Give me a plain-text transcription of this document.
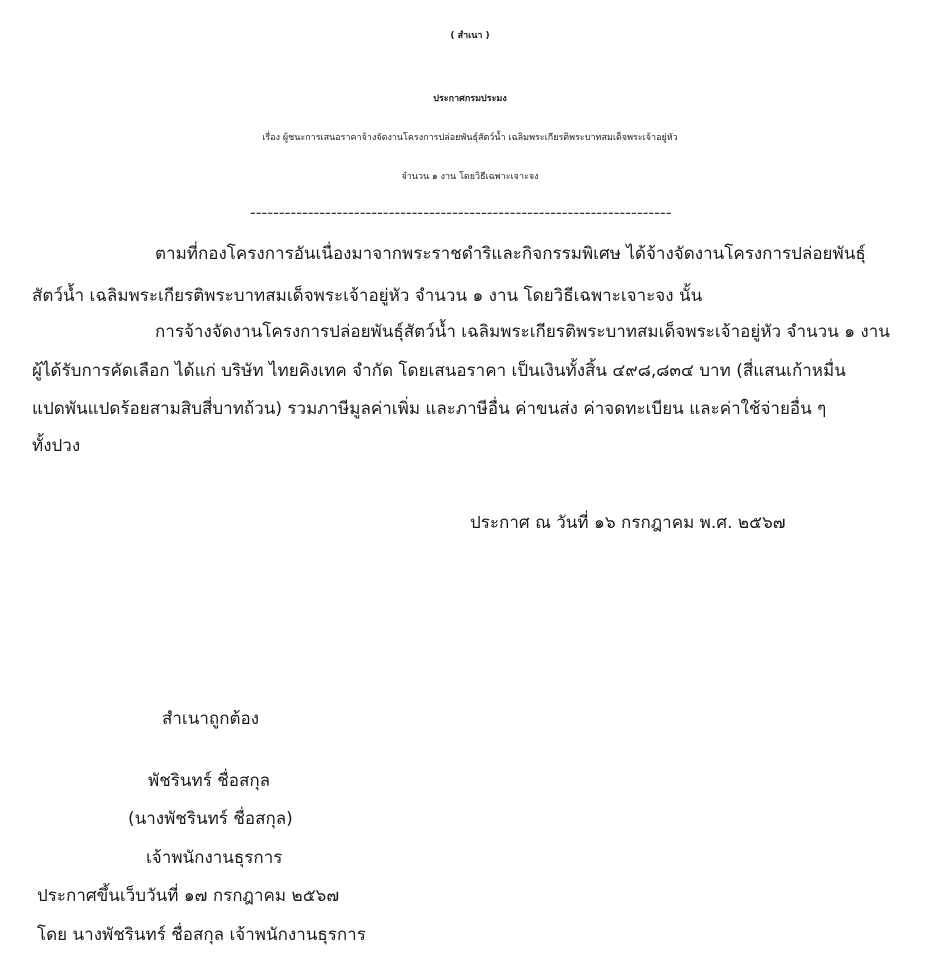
( สำเนา )
ประกาศกรมประมง
เรื่อง ผู้ชนะการเสนอราคาจ้างจัดงานโครงการปล่อยพันธุ์สัตว์น้ำ เฉลิมพระเกียรติพระบาทสมเด็จพระเจ้าอยู่หัว
จำนวน ๑ งาน โดยวิธีเฉพาะเจาะจง
-------------------------------------------------------------------------
ตามที่กองโครงการอันเนื่องมาจากพระราชดำริและกิจกรรมพิเศษ ได้จ้างจัดงานโครงการปล่อยพันธุ์
สัตว์น้ำ เฉลิมพระเกียรติพระบาทสมเด็จพระเจ้าอยู่หัว จำนวน ๑ งาน โดยวิธีเฉพาะเจาะจง นั้น
การจ้างจัดงานโครงการปล่อยพันธุ์สัตว์น้ำ เฉลิมพระเกียรติพระบาทสมเด็จพระเจ้าอยู่หัว จำนวน ๑ งาน
ผู้ได้รับการคัดเลือก ได้แก่ บริษัท ไทยคิงเทค จำกัด โดยเสนอราคา เป็นเงินทั้งสิ้น ๔๙๘,๘๓๔ บาท (สี่แสนเก้าหมื่น
แปดพันแปดร้อยสามสิบสี่บาทถ้วน) รวมภาษีมูลค่าเพิ่ม และภาษีอื่น ค่าขนส่ง ค่าจดทะเบียน และค่าใช้จ่ายอื่น ๆ
ทั้งปวง
ประกาศ ณ วันที่ ๑๖ กรกฎาคม พ.ศ. ๒๕๖๗
สำเนาถูกต้อง
พัชรินทร์ ชื่อสกุล
(นางพัชรินทร์ ชื่อสกุล)
เจ้าพนักงานธุรการ
ประกาศขึ้นเว็บวันที่ ๑๗ กรกฎาคม ๒๕๖๗
โดย นางพัชรินทร์ ชื่อสกุล เจ้าพนักงานธุรการ
